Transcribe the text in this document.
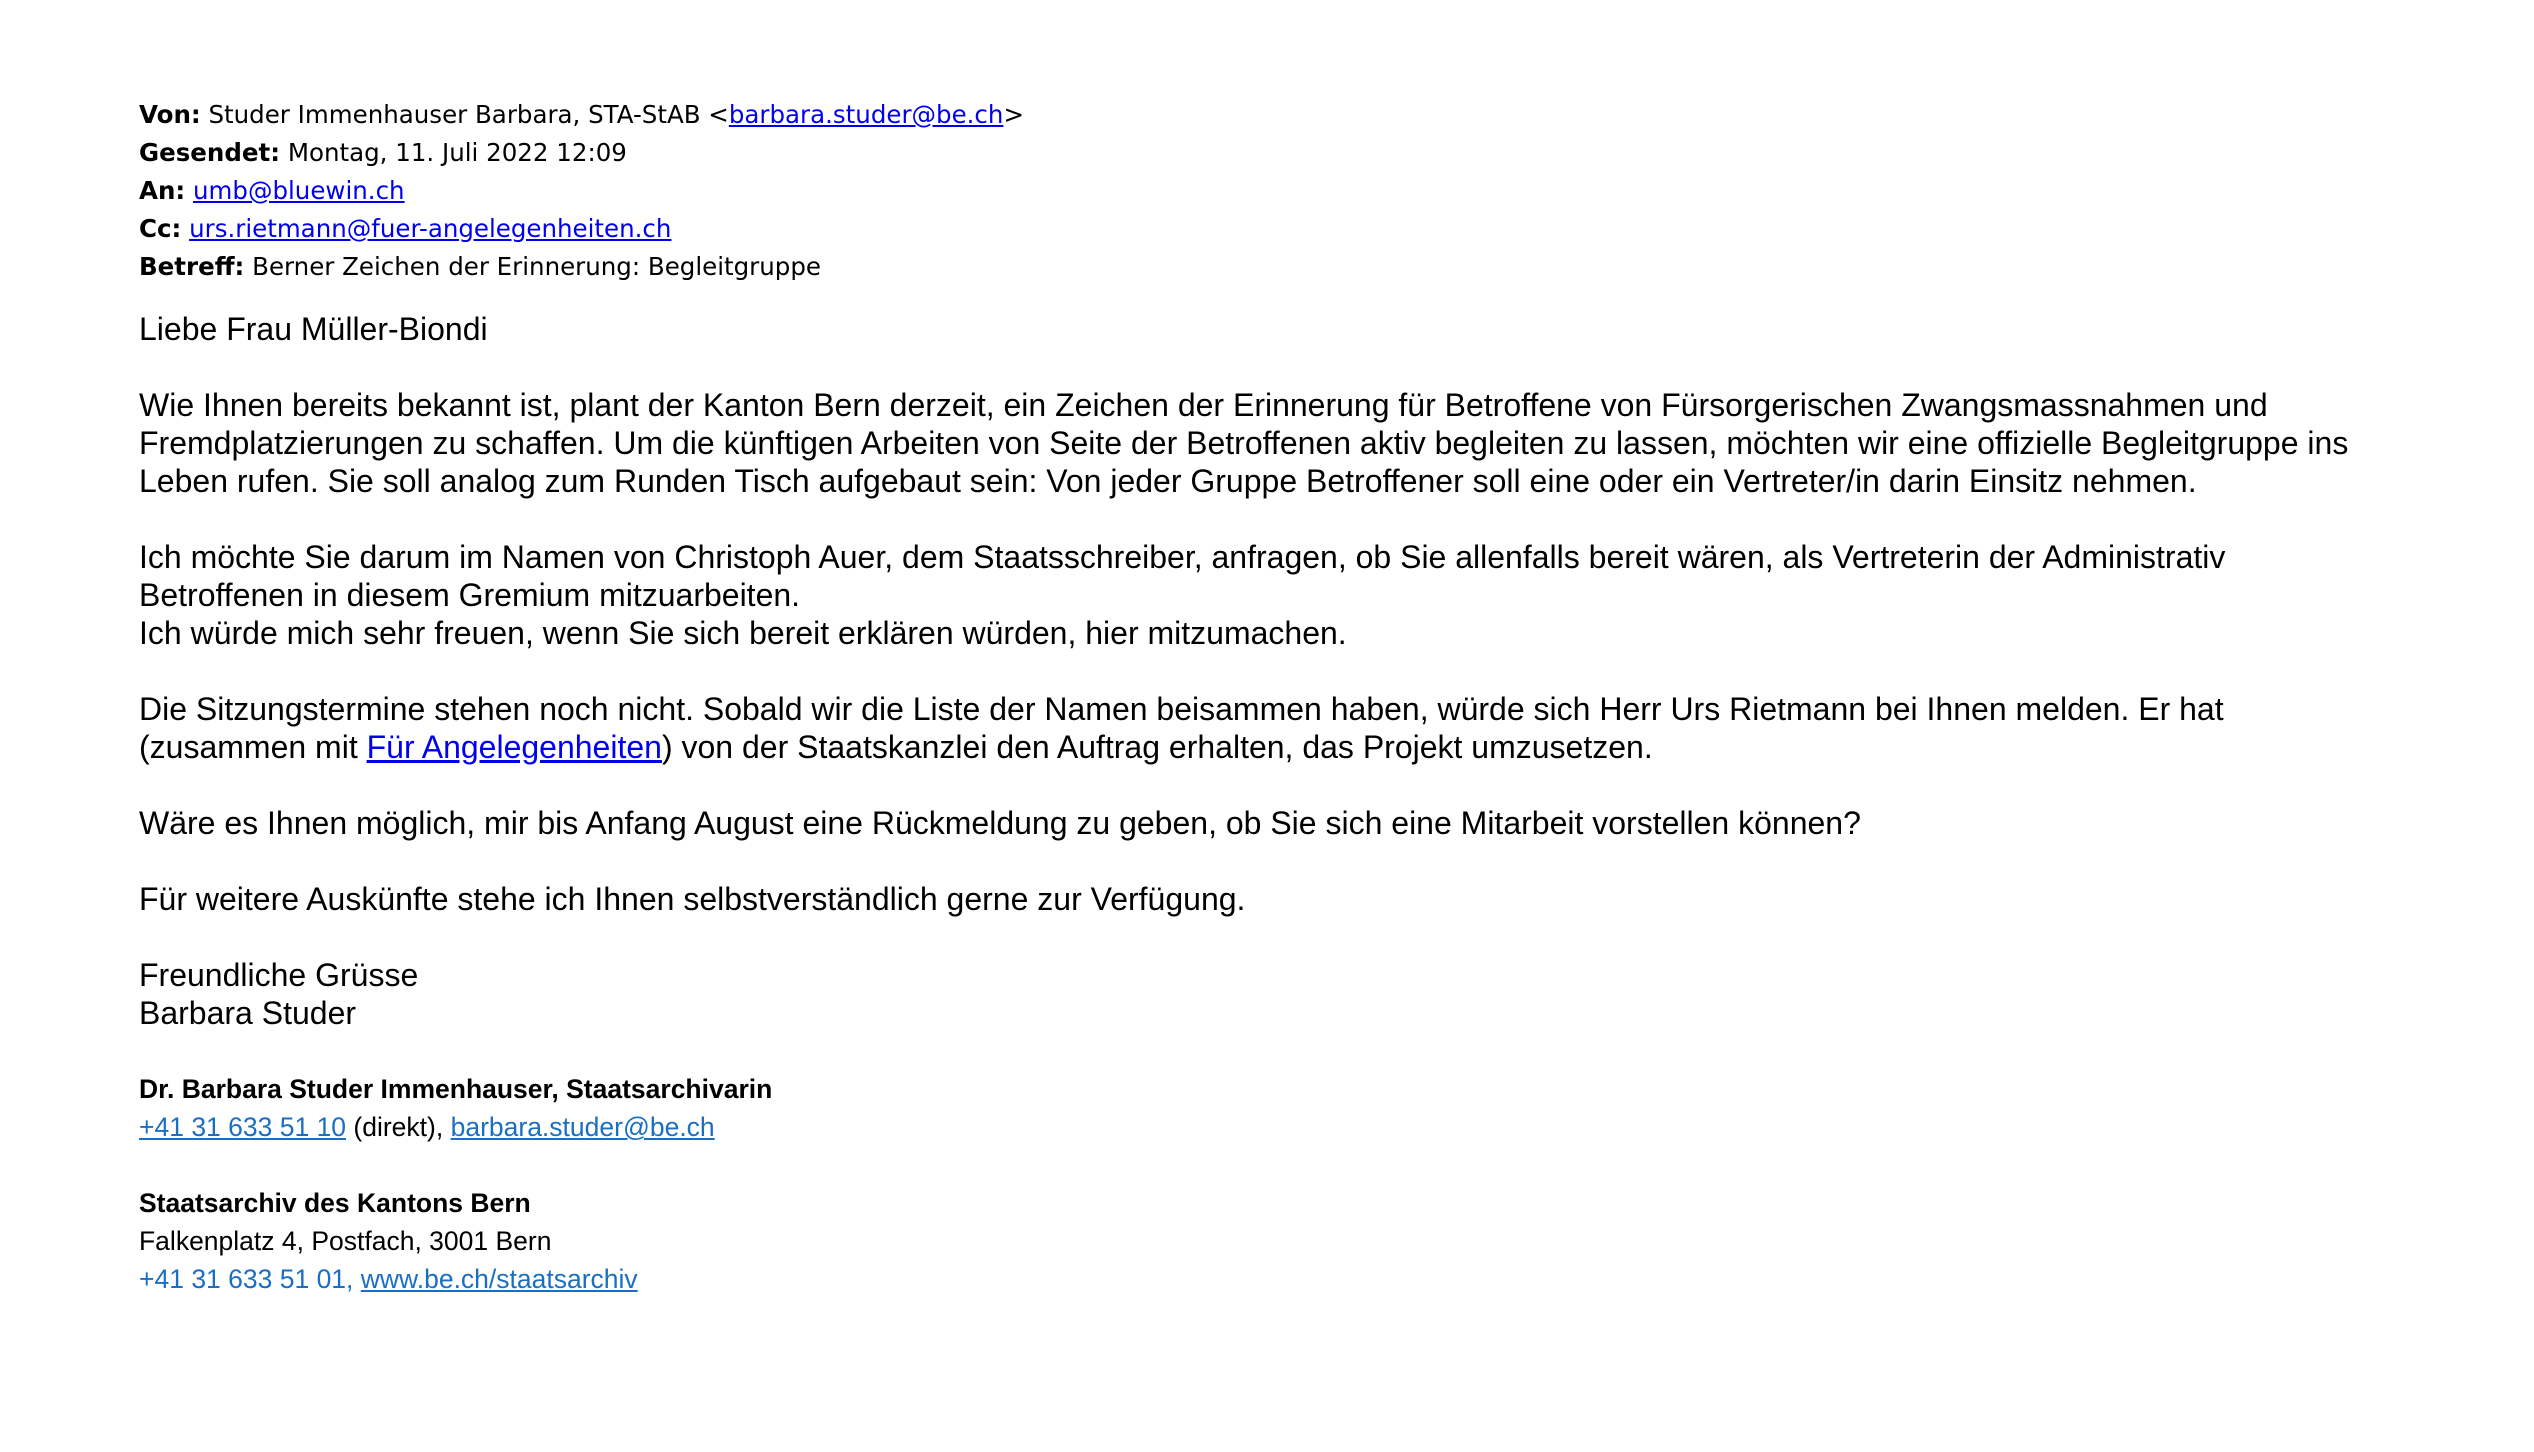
Von: Studer Immenhauser Barbara, STA-StAB <barbara.studer@be.ch>
Gesendet: Montag, 11. Juli 2022 12:09
An: umb@bluewin.ch
Cc: urs.rietmann@fuer-angelegenheiten.ch
Betreff: Berner Zeichen der Erinnerung: Begleitgruppe

Liebe Frau Müller-Biondi

Wie Ihnen bereits bekannt ist, plant der Kanton Bern derzeit, ein Zeichen der Erinnerung für Betroffene von Fürsorgerischen Zwangsmassnahmen und
Fremdplatzierungen zu schaffen. Um die künftigen Arbeiten von Seite der Betroffenen aktiv begleiten zu lassen, möchten wir eine offizielle Begleitgruppe ins
Leben rufen. Sie soll analog zum Runden Tisch aufgebaut sein: Von jeder Gruppe Betroffener soll eine oder ein Vertreter/in darin Einsitz nehmen.
Ich möchte Sie darum im Namen von Christoph Auer, dem Staatsschreiber, anfragen, ob Sie allenfalls bereit wären, als Vertreterin der Administrativ
Betroffenen in diesem Gremium mitzuarbeiten.
Ich würde mich sehr freuen, wenn Sie sich bereit erklären würden, hier mitzumachen.
Die Sitzungstermine stehen noch nicht. Sobald wir die Liste der Namen beisammen haben, würde sich Herr Urs Rietmann bei Ihnen melden. Er hat
(zusammen mit Für Angelegenheiten) von der Staatskanzlei den Auftrag erhalten, das Projekt umzusetzen.

Wäre es Ihnen möglich, mir bis Anfang August eine Rückmeldung zu geben, ob Sie sich eine Mitarbeit vorstellen können?

Für weitere Auskünfte stehe ich Ihnen selbstverständlich gerne zur Verfügung.

Freundliche Grüsse
Barbara Studer
Dr. Barbara Studer Immenhauser, Staatsarchivarin
+41 31 633 51 10 (direkt), barbara.studer@be.ch
Staatsarchiv des Kantons Bern
Falkenplatz 4, Postfach, 3001 Bern
+41 31 633 51 01, www.be.ch/staatsarchiv
